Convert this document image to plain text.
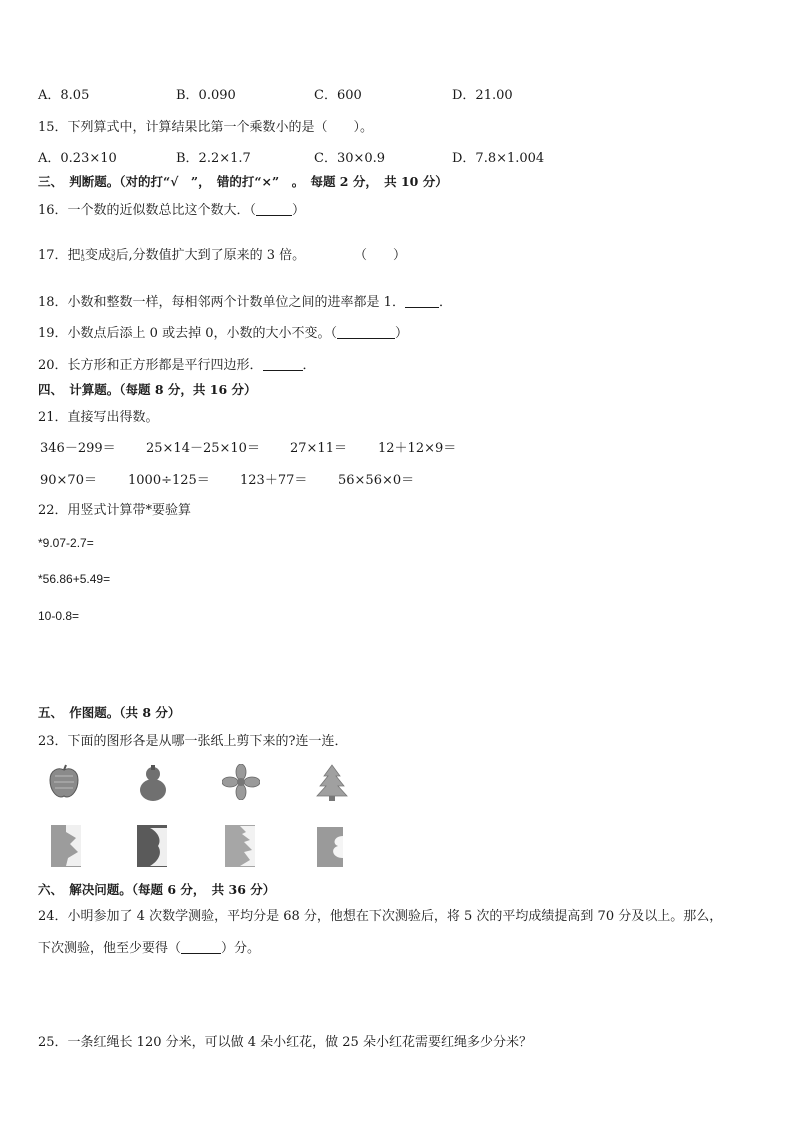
A．8.05	B．0.090	C．600	D．21.00
15．下列算式中，计算结果比第一个乘数小的是（　　）。
A．0.23×10	B．2.2×1.7	C．30×0.9	D．7.8×1.004
三、　判断题。（对的打“√　”，　错的打“×”　。　每题 2 分，　共 10 分）
16．一个数的近似数总比这个数大．（	）
17．把 1
5 变成 3
5 后,分数值扩大到了原来的 3 倍。	（　　）
18．小数和整数一样，每相邻两个计数单位之间的进率都是 1．	．
19．小数点后添上 0 或去掉 0，小数的大小不变。（	）
20．长方形和正方形都是平行四边形．	．
四、　计算题。（每题 8 分，共 16 分）
21．直接写出得数。
346－299＝ 25×14－25×10＝ 27×11＝ 12＋12×9＝
90×70＝ 1000÷125＝ 123＋77＝ 56×56×0＝
22．用竖式计算带*要验算
*9.07-2.7=
*56.86+5.49=
10-0.8=
五、　作图题。（共 8 分）
23．下面的图形各是从哪一张纸上剪下来的?连一连．
六、　解决问题。（每题 6 分，　共 36 分）
24．小明参加了 4 次数学测验，平均分是 68 分，他想在下次测验后，将 5 次的平均成绩提高到 70 分及以上。那么，
下次测验，他至少要得（	）分。
25．一条红绳长 120 分米，可以做 4 朵小红花，做 25 朵小红花需要红绳多少分米？
